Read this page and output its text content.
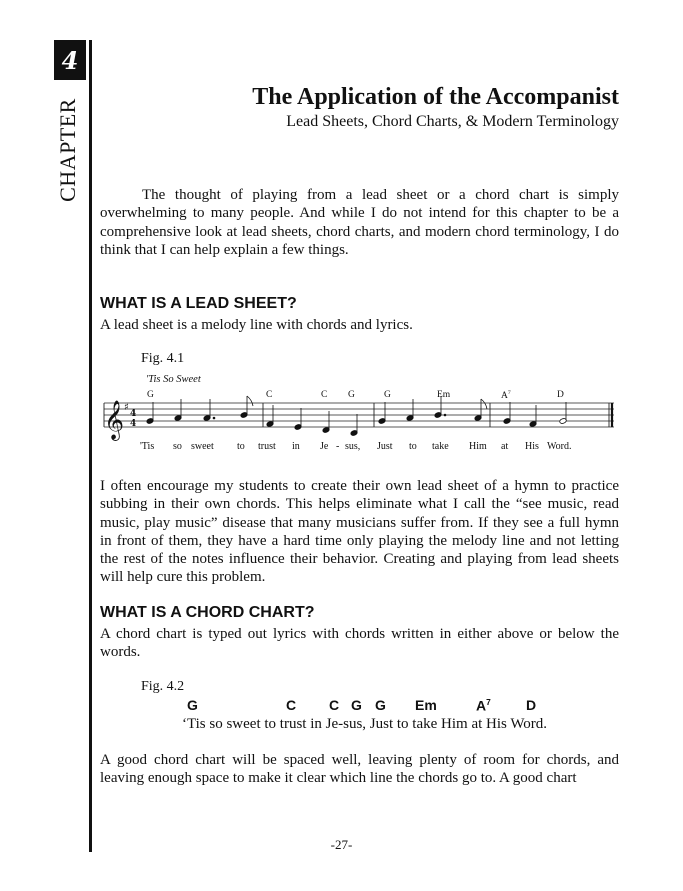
4
CHAPTER
The Application of the Accompanist
Lead Sheets, Chord Charts, & Modern Terminology

The thought of playing from a lead sheet or a chord chart is simply overwhelming to many people. And while I do not intend for this chapter to be a comprehensive look at lead sheets, chord charts, and modern chord terminology, I do think that I can help explain a few things.

WHAT IS A LEAD SHEET?

A lead sheet is a melody line with chords and lyrics.

Fig. 4.1
'Tis So Sweet
G	C	C G	G	Em	$A^7$	D
𝄞 ♯
4
4
'Tis so sweet to trust in Je - sus, Just to take Him at His Word.

I often encourage my students to create their own lead sheet of a hymn to practice subbing in their own chords. This helps eliminate what I call the “see music, read music, play music” disease that many musicians suffer from. If they see a full hymn in front of them, they have a hard time only playing the melody line and not letting the rest of the notes influence their behavior. Creating and playing from lead sheets will help cure this problem.

WHAT IS A CHORD CHART?

A chord chart is typed out lyrics with chords written in either above or below the words.

Fig. 4.2
G	C C G G Em	$A^7$	D
‘Tis so sweet to trust in Je-sus, Just to take Him at His Word.

A good chord chart will be spaced well, leaving plenty of room for chords, and leaving enough space to make it clear which line the chords go to. A good chart

-27-
